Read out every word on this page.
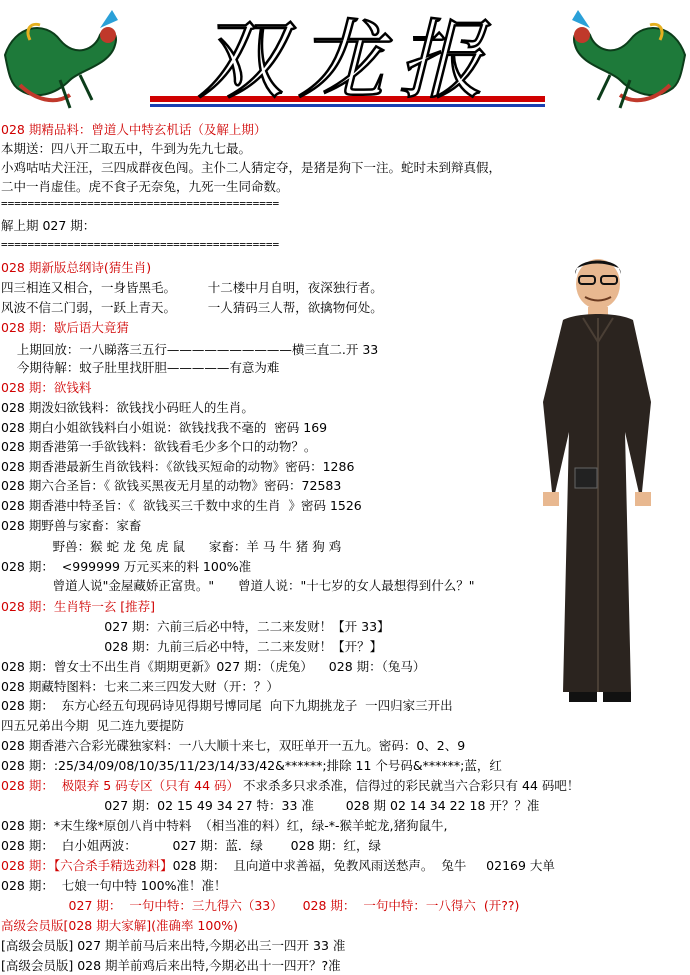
双龙报
028 期精品料：曾道人中特玄机话（及解上期）
本期送：四八开二取五中，牛到为先九七最。
小鸡咕咕犬汪汪，三四成群夜色闯。主仆二人猜定夺，是猪是狗下一注。蛇时未到辩真假，
二中一肖虚佳。虎不食子无奈兔，九死一生同命数。
==========================================
解上期 027 期：
==========================================
028 期新版总纲诗(猜生肖)
四三相连又相合，一身皆黑毛。        十二楼中月自明，夜深独行者。
风波不信二门弱，一跃上青天。        一人猜码三人帮，欲擒物何处。
028 期：歇后语大竟猜
上期回放：一八睇落三五行——————————横三直二.开 33
今期待解：蚊子肚里找肝胆—————有意为难
028 期：欲钱料
028 期泼妇欲钱料：欲钱找小码旺人的生肖。
028 期白小姐欲钱料白小姐说：欲钱找我不毫的  密码 169
028 期香港第一手欲钱料：欲钱看毛少多个口的动物？。
028 期香港最新生肖欲钱料：《欲钱买短命的动物》密码：1286
028 期六合圣旨：《 欲钱买黑夜无月星的动物》密码：72583
028 期香港中特圣旨：《  欲钱买三千数中求的生肖  》密码 1526
028 期野兽与家畜：家畜
野兽：猴 蛇 龙 兔 虎 鼠      家畜：羊 马 牛 猪 狗 鸡
028 期：  <999999 万元买来的料 100%准
曾道人说"金屋藏娇正富贵。"      曾道人说："十七岁的女人最想得到什么？"
028 期：生肖特一玄 [推荐]
027 期：六前三后必中特，二二来发财！【开 33】
028 期：九前三后必中特，二二来发财！【开？】
028 期：曾女士不出生肖《期期更新》027 期：（虎兔）    028 期：（兔马）
028 期藏特图料：七来二来三四发大财（开：？）
028 期：  东方心经五句现码诗见得期号博同尾  向下九期挑龙子  一四归家三开出
四五兄弟出今期  见二连九要提防
028 期香港六合彩光碟独家料：一八大顺十来七，双旺单开一五九。密码：0、2、9
028 期：:25/34/09/08/10/35/11/23/14/33/42&******;排除 11 个号码&******;蓝，红
028 期：  极限弃 5 码专区（只有 44 码） 不求杀多只求杀准，信得过的彩民就当六合彩只有 44 码吧！
027 期：02 15 49 34 27 特：33 准        028 期 02 14 34 22 18 开？？准
028 期：*末生缘*原创八肖中特料  （相当准的料）红，绿-*-猴羊蛇龙,猪狗鼠牛,
028 期：  白小姐两波：         027 期：蓝．绿       028 期：红，绿
028 期：【六合杀手精选劲料】028 期：  且向道中求善福，免教风雨送愁声。  兔牛     02169 大单
028 期：  七娘一句中特 100%准！准！
027 期：  一句中特：三九得六（33）     028 期：  一句中特：一八得六  (开??)
高级会员版[028 期大家解](准确率 100%)
[高级会员版] 027 期羊前马后来出特,今期必出三一四开 33 准
[高级会员版] 028 期羊前鸡后来出特,今期必出十一四开？?准
